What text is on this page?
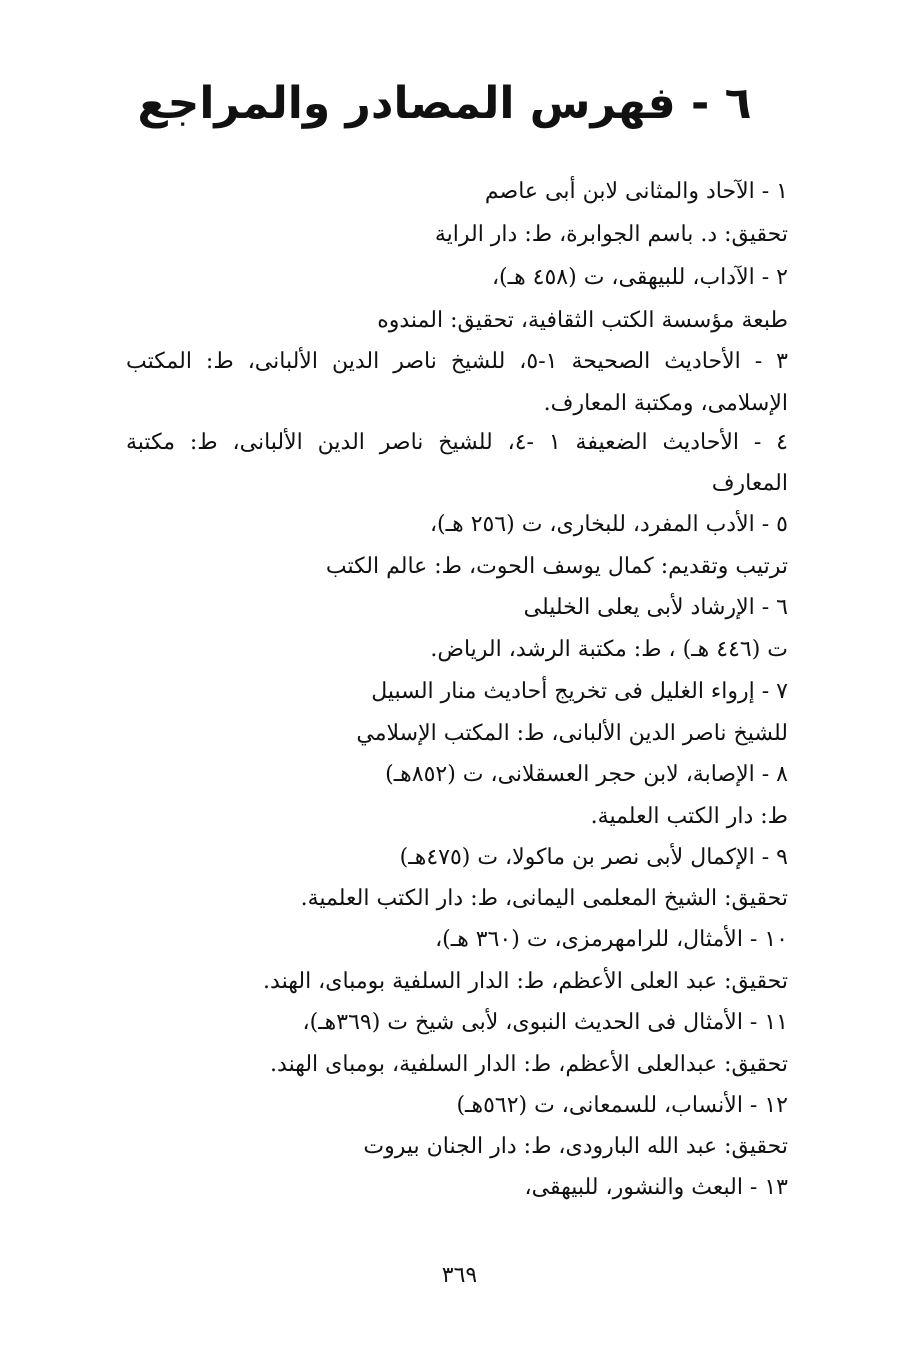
٦ - فهرس المصادر والمراجع
١ - الآحاد والمثانى لابن أبى عاصم
تحقيق: د. باسم الجوابرة، ط: دار الراية
٢ - الآداب، للبيهقى، ت (٤٥٨ هـ)،
طبعة مؤسسة الكتب الثقافية، تحقيق: المندوه
٣ - الأحاديث الصحيحة ١-٥، للشيخ ناصر الدين الألبانى، ط: المكتب
الإسلامى، ومكتبة المعارف.
٤ - الأحاديث الضعيفة ١ -٤، للشيخ ناصر الدين الألبانى، ط: مكتبة
المعارف
٥ - الأدب المفرد، للبخارى، ت (٢٥٦ هـ)،
ترتيب وتقديم: كمال يوسف الحوت، ط: عالم الكتب
٦ - الإرشاد لأبى يعلى الخليلى
ت (٤٤٦ هـ) ، ط: مكتبة الرشد، الرياض.
٧ - إرواء الغليل فى تخريج أحاديث منار السبيل
للشيخ ناصر الدين الألبانى، ط: المكتب الإسلامي
٨ - الإصابة، لابن حجر العسقلانى، ت (٨٥٢هـ)
ط: دار الكتب العلمية.
٩ - الإكمال لأبى نصر بن ماكولا، ت (٤٧٥هـ)
تحقيق: الشيخ المعلمى اليمانى، ط: دار الكتب العلمية.
١٠ - الأمثال، للرامهرمزى، ت (٣٦٠ هـ)،
تحقيق: عبد العلى الأعظم، ط: الدار السلفية بومباى، الهند.
١١ - الأمثال فى الحديث النبوى، لأبى شيخ ت (٣٦٩هـ)،
تحقيق: عبدالعلى الأعظم، ط: الدار السلفية، بومباى الهند.
١٢ - الأنساب، للسمعانى، ت (٥٦٢هـ)
تحقيق: عبد الله البارودى، ط: دار الجنان بيروت
١٣ - البعث والنشور، للبيهقى،
٣٦٩
